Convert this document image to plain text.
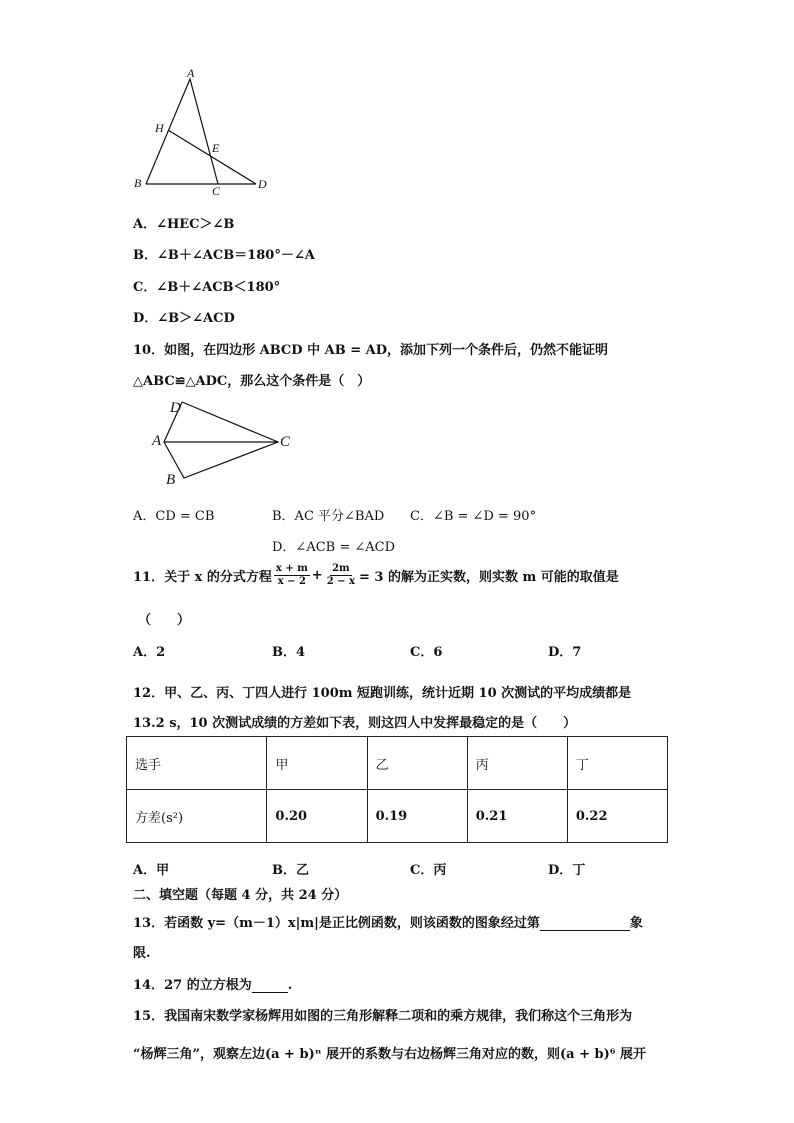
A
H
E
B
C	D
A．∠HEC＞∠B
B．∠B＋∠ACB＝180°－∠A
C．∠B＋∠ACB＜180°
D．∠B＞∠ACD
10．如图，在四边形 ABCD 中 AB = AD，添加下列一个条件后，仍然不能证明
△ABC≌△ADC，那么这个条件是（　）
D
A	C
B
A．CD = CB	B．AC 平分∠BAD C．∠B = ∠D = 90°
D．∠ACB = ∠ACD
11．关于 x 的分式方程 $\frac{x + m}{x - 2} + \frac{2m}{2 - x} = 3$ 的解为正实数，则实数 m 可能的取值是
（　　）
A．2	B．4	C．6	D．7
12．甲、乙、丙、丁四人进行 100m 短跑训练，统计近期 10 次测试的平均成绩都是
13.2 s，10 次测试成绩的方差如下表，则这四人中发挥最稳定的是（　　）
选手	甲	乙	丙	丁
方差(s²)	0.20	0.19	0.21	0.22
A．甲	B．乙	C．丙	D．丁
二、填空题（每题 4 分，共 24 分）
13．若函数 y=（m－1）x|m|是正比例函数，则该函数的图象经过第	象
限.
14．27 的立方根为	.
15．我国南宋数学家杨辉用如图的三角形解释二项和的乘方规律，我们称这个三角形为
“杨辉三角”，观察左边(a + b)ⁿ 展开的系数与右边杨辉三角对应的数，则(a + b)⁶ 展开
